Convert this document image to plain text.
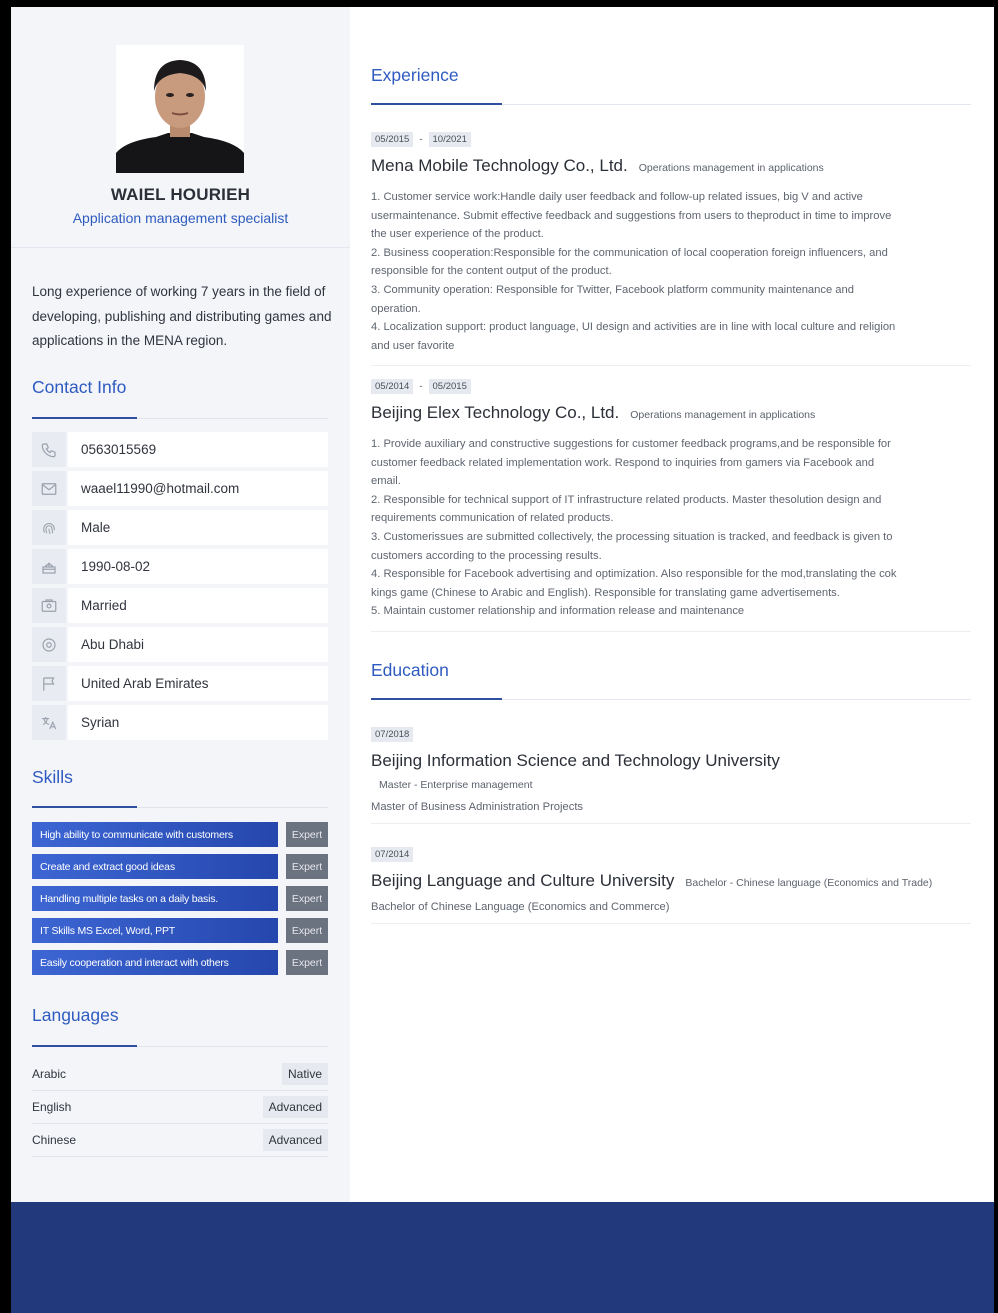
WAIEL HOURIEH
Application management specialist
Long experience of working 7 years in the field of developing, publishing and distributing games and applications in the MENA region.
Contact Info
0563015569
waael11990@hotmail.com
Male
1990-08-02
Married
Abu Dhabi
United Arab Emirates
Syrian
Skills
High ability to communicate with customers	Expert
Create and extract good ideas	Expert
Handling multiple tasks on a daily basis.	Expert
IT Skills MS Excel, Word, PPT	Expert
Easily cooperation and interact with others	Expert
Languages
Arabic	Native
English	Advanced
Chinese	Advanced
Experience
05/2015	-	10/2021
Mena Mobile Technology Co., Ltd. Operations management in applications

1. Customer service work:Handle daily user feedback and follow-up related issues, big V and active

usermaintenance. Submit effective feedback and suggestions from users to theproduct in time to improve

the user experience of the product.

2. Business cooperation:Responsible for the communication of local cooperation foreign influencers, and

responsible for the content output of the product.

3. Community operation: Responsible for Twitter, Facebook platform community maintenance and

operation.

4. Localization support: product language, UI design and activities are in line with local culture and religion

and user favorite

05/2014	-	05/2015
Beijing Elex Technology Co., Ltd. Operations management in applications

1. Provide auxiliary and constructive suggestions for customer feedback programs,and be responsible for

customer feedback related implementation work. Respond to inquiries from gamers via Facebook and

email.

2. Responsible for technical support of IT infrastructure related products. Master thesolution design and

requirements communication of related products.

3. Customerissues are submitted collectively, the processing situation is tracked, and feedback is given to

customers according to the processing results.

4. Responsible for Facebook advertising and optimization. Also responsible for the mod,translating the cok

kings game (Chinese to Arabic and English). Responsible for translating game advertisements.

5. Maintain customer relationship and information release and maintenance

Education
07/2018
Beijing Information Science and Technology University
Master - Enterprise management
Master of Business Administration Projects
07/2014
Beijing Language and Culture University Bachelor - Chinese language (Economics and Trade)
Bachelor of Chinese Language (Economics and Commerce)
